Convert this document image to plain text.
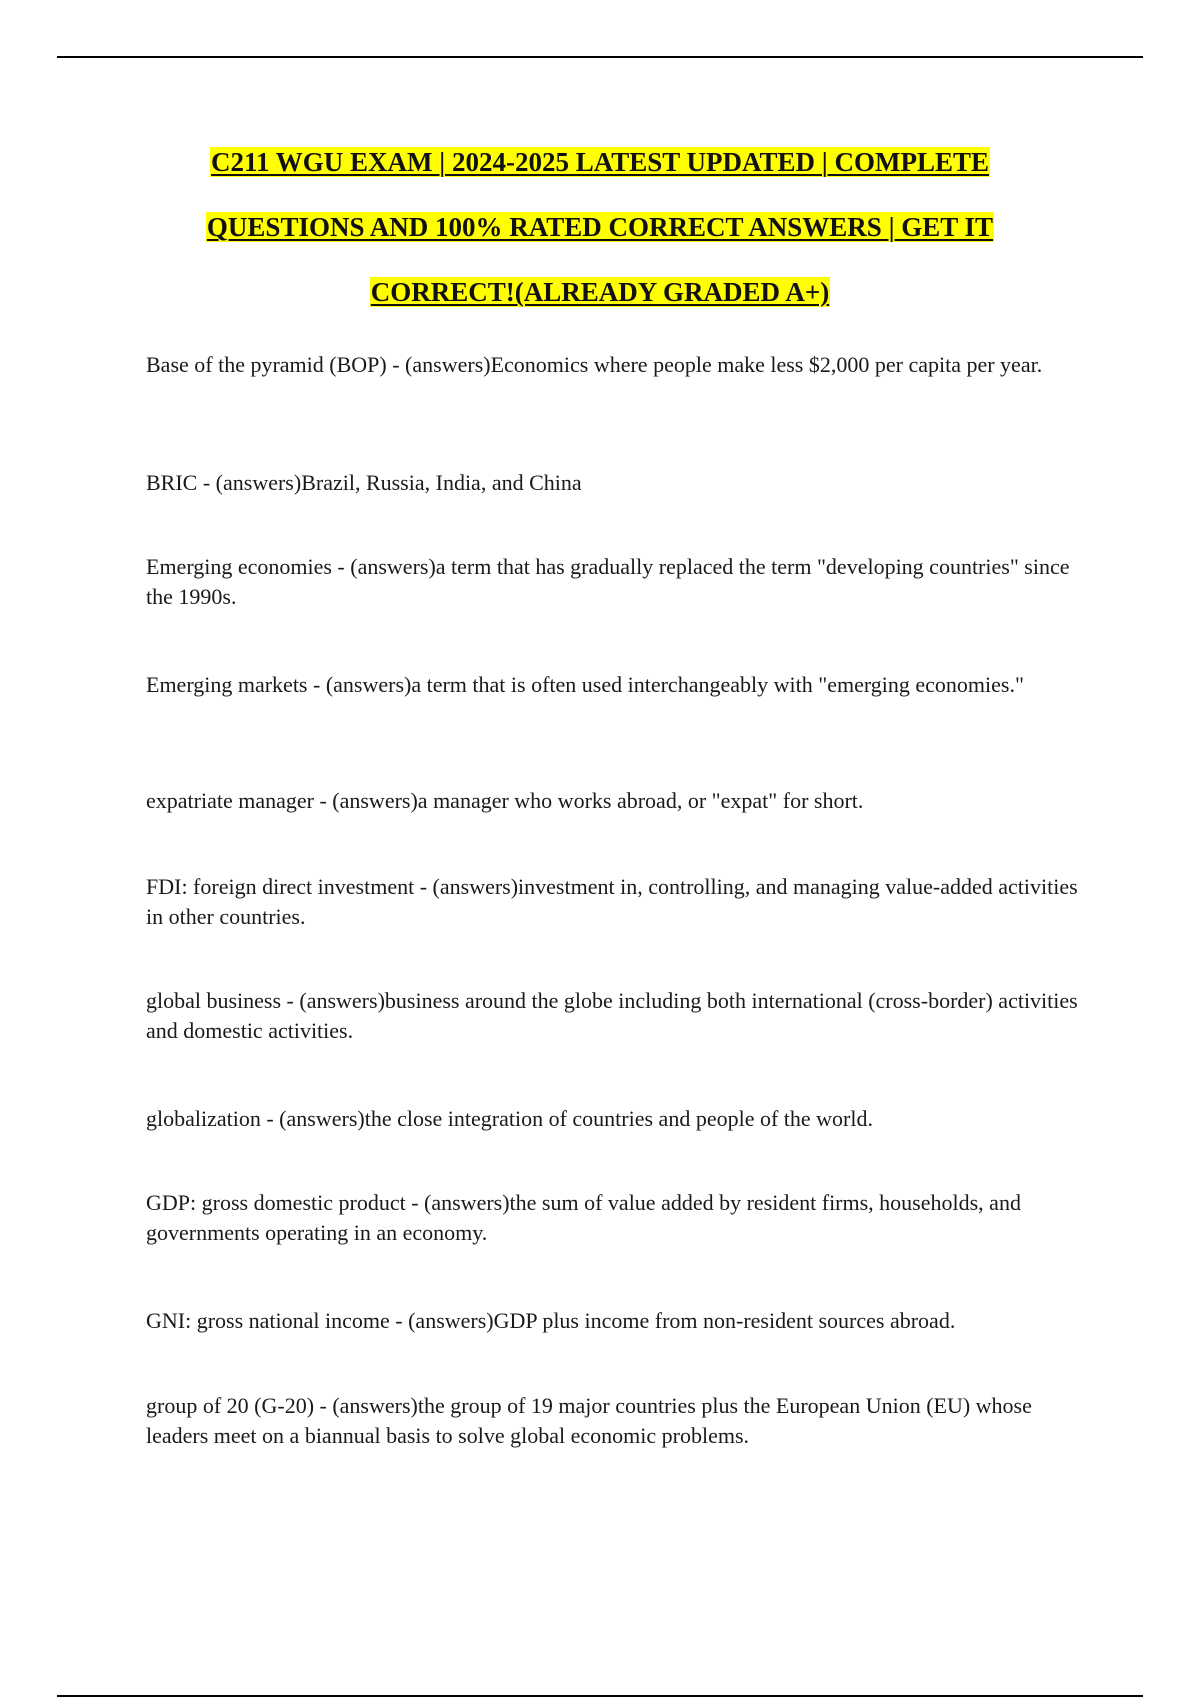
C211 WGU EXAM | 2024-2025 LATEST UPDATED | COMPLETE

QUESTIONS AND 100% RATED CORRECT ANSWERS | GET IT

CORRECT!(ALREADY GRADED A+)

Base of the pyramid (BOP) - (answers)Economics where people make less $2,000 per capita per year.

BRIC - (answers)Brazil, Russia, India, and China

Emerging economies - (answers)a term that has gradually replaced the term "developing countries" since the 1990s.

Emerging markets - (answers)a term that is often used interchangeably with "emerging economies."

expatriate manager - (answers)a manager who works abroad, or "expat" for short.

FDI: foreign direct investment - (answers)investment in, controlling, and managing value-added activities in other countries.

global business - (answers)business around the globe including both international (cross-border) activities and domestic activities.

globalization - (answers)the close integration of countries and people of the world.

GDP: gross domestic product - (answers)the sum of value added by resident firms, households, and governments operating in an economy.

GNI: gross national income - (answers)GDP plus income from non-resident sources abroad.

group of 20 (G-20) - (answers)the group of 19 major countries plus the European Union (EU) whose leaders meet on a biannual basis to solve global economic problems.
